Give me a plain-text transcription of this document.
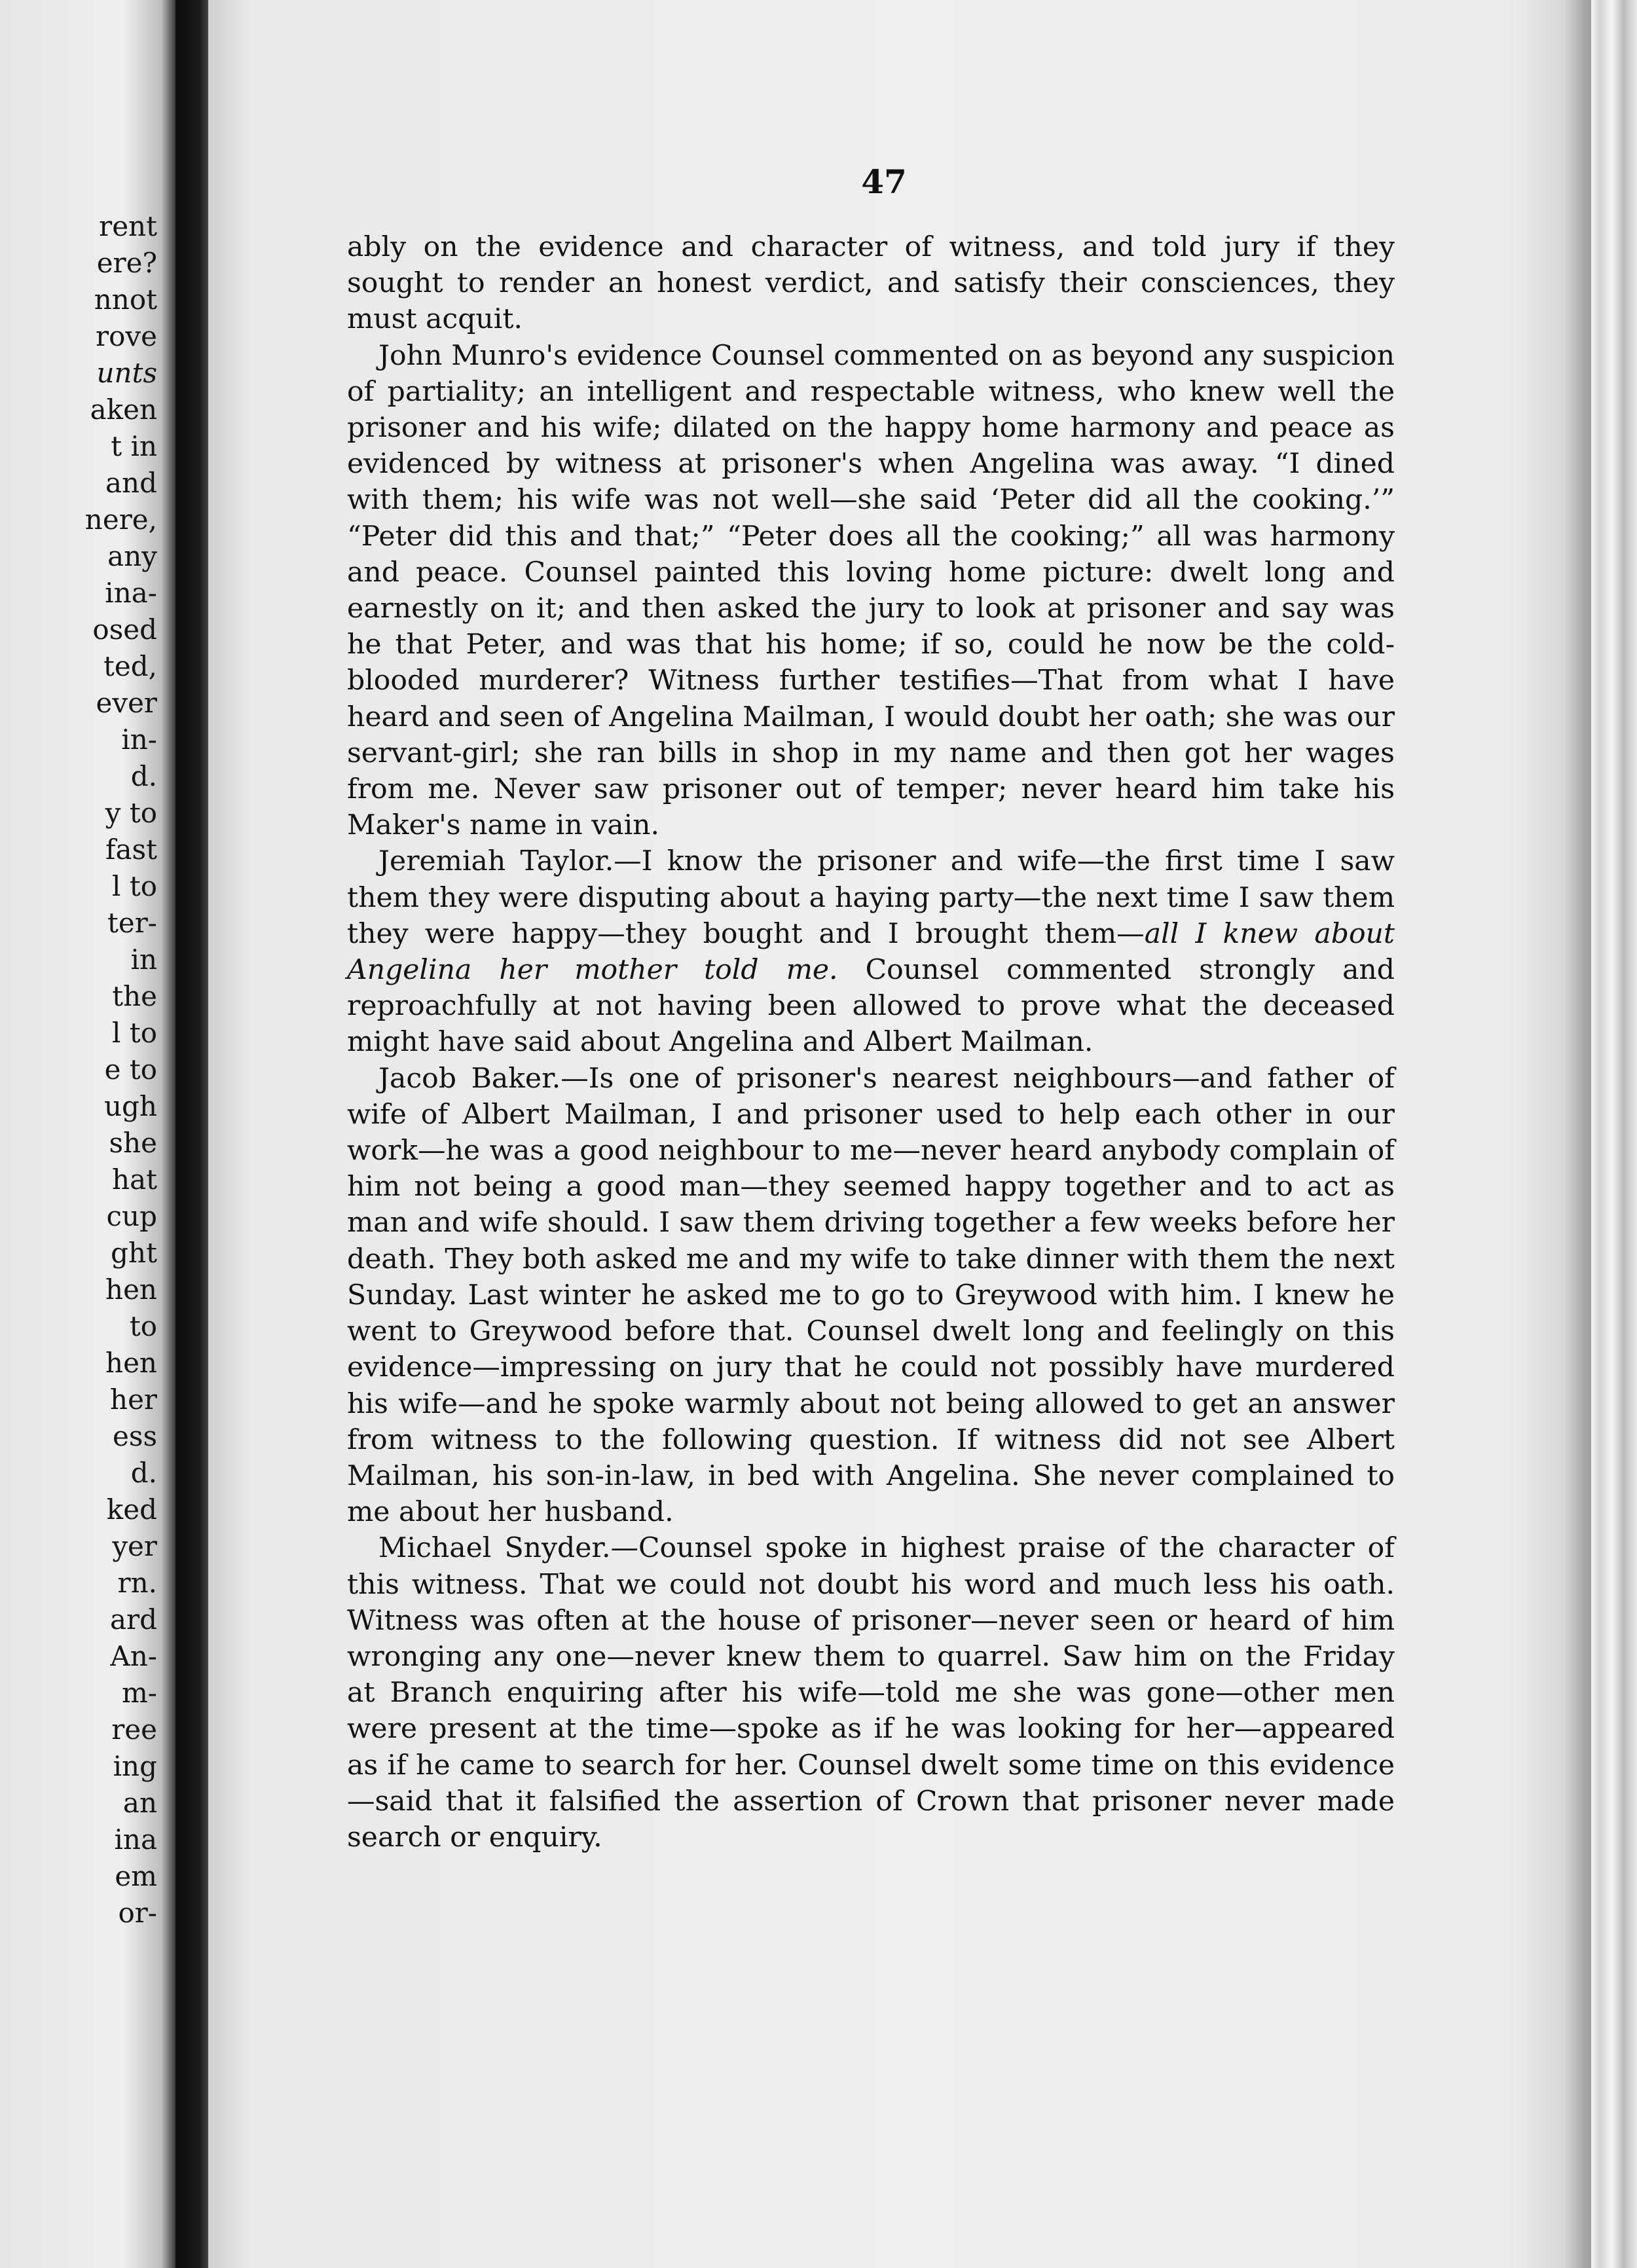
rent
ere?
nnot
rove
unts
aken
t in
and
nere,
any
ina-
osed
ted,
ever
in-
d.
y to
fast
l to
ter-
in
the
l to
e to
ugh
she
hat
cup
ght
hen
to
hen
her
ess
d.
ked
yer
rn.
ard
An-
m-
ree
ing
an
ina
em
or-
47

ably on the evidence and character of witness, and told jury if they sought to render an honest verdict, and satisfy their consciences, they must acquit.

John Munro's evidence Counsel commented on as beyond any suspicion of partiality; an intelligent and respectable witness, who knew well the prisoner and his wife; dilated on the happy home harmony and peace as evidenced by witness at prisoner's when Angelina was away. “I dined with them; his wife was not well—she said ‘Peter did all the cooking.’” “Peter did this and that;” “Peter does all the cooking;” all was harmony and peace. Counsel painted this loving home picture: dwelt long and earnestly on it; and then asked the jury to look at prisoner and say was he that Peter, and was that his home; if so, could he now be the cold-blooded murderer? Witness further testifies—That from what I have heard and seen of Angelina Mailman, I would doubt her oath; she was our servant-girl; she ran bills in shop in my name and then got her wages from me. Never saw prisoner out of temper; never heard him take his Maker's name in vain.

Jeremiah Taylor.—I know the prisoner and wife—the first time I saw them they were disputing about a haying party—the next time I saw them they were happy—they bought and I brought them—all I knew about Angelina her mother told me. Counsel commented strongly and reproachfully at not having been allowed to prove what the deceased might have said about Angelina and Albert Mailman.

Jacob Baker.—Is one of prisoner's nearest neighbours—and father of wife of Albert Mailman, I and prisoner used to help each other in our work—he was a good neighbour to me—never heard anybody complain of him not being a good man—they seemed happy together and to act as man and wife should. I saw them driving together a few weeks before her death. They both asked me and my wife to take dinner with them the next Sunday. Last winter he asked me to go to Greywood with him. I knew he went to Greywood before that. Counsel dwelt long and feelingly on this evidence—impressing on jury that he could not possibly have murdered his wife—and he spoke warmly about not being allowed to get an answer from witness to the following question. If witness did not see Albert Mailman, his son-in-law, in bed with Angelina. She never complained to me about her husband.

Michael Snyder.—Counsel spoke in highest praise of the character of this witness. That we could not doubt his word and much less his oath. Witness was often at the house of prisoner—never seen or heard of him wronging any one—never knew them to quarrel. Saw him on the Friday at Branch enquiring after his wife—told me she was gone—other men were present at the time—spoke as if he was looking for her—appeared as if he came to search for her. Counsel dwelt some time on this evidence—said that it falsified the assertion of Crown that prisoner never made search or enquiry.
